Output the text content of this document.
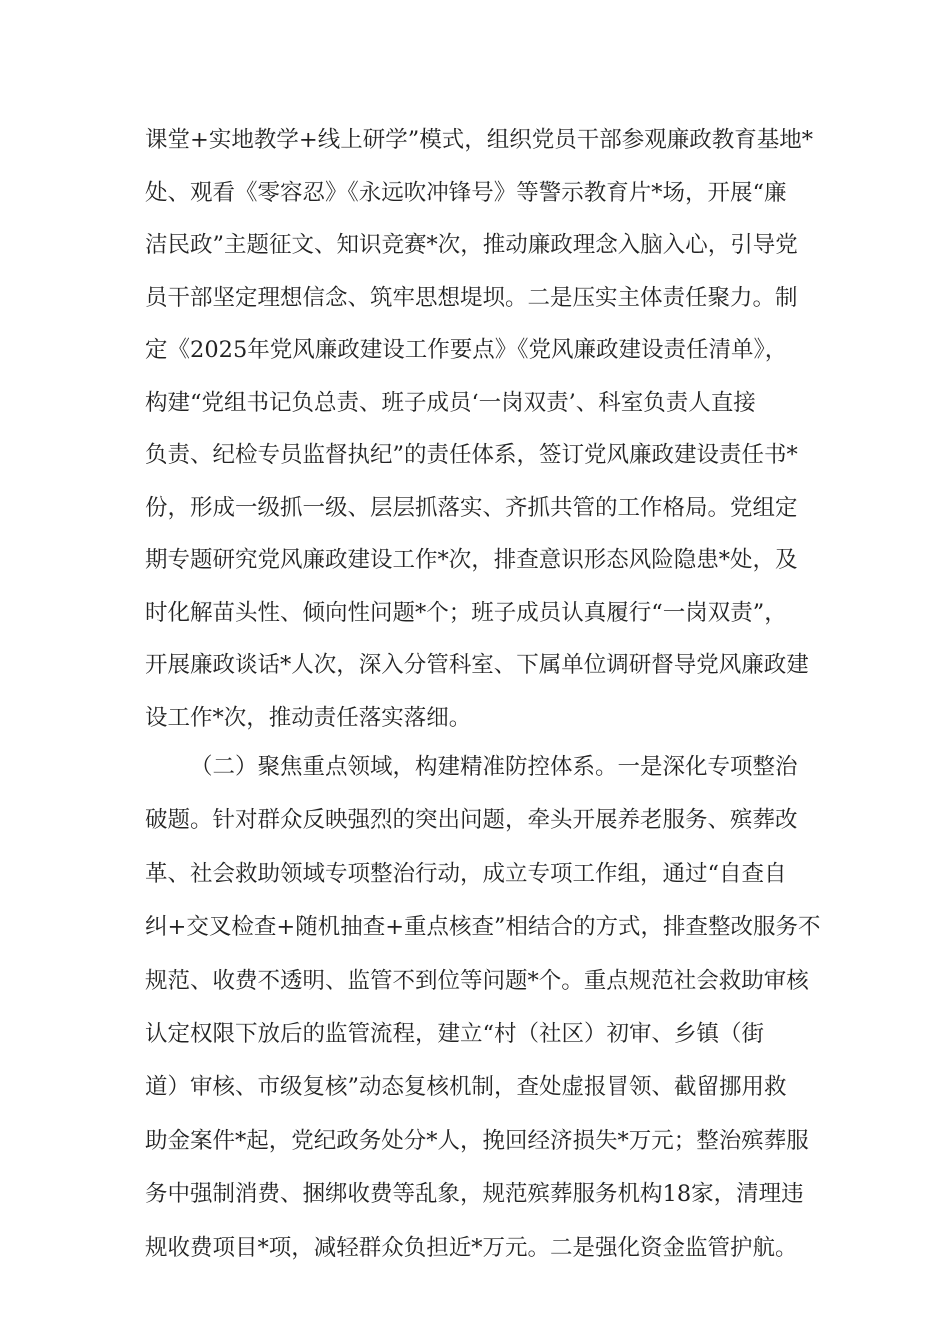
课堂+实地教学+线上研学”模式，组织党员干部参观廉政教育基地*
处、观看《零容忍》《永远吹冲锋号》等警示教育片*场，开展“廉
洁民政”主题征文、知识竞赛*次，推动廉政理念入脑入心，引导党
员干部坚定理想信念、筑牢思想堤坝。二是压实主体责任聚力。制
定《2025年党风廉政建设工作要点》《党风廉政建设责任清单》，
构建“党组书记负总责、班子成员‘一岗双责’、科室负责人直接
负责、纪检专员监督执纪”的责任体系，签订党风廉政建设责任书*
份，形成一级抓一级、层层抓落实、齐抓共管的工作格局。党组定
期专题研究党风廉政建设工作*次，排查意识形态风险隐患*处，及
时化解苗头性、倾向性问题*个；班子成员认真履行“一岗双责”，
开展廉政谈话*人次，深入分管科室、下属单位调研督导党风廉政建
设工作*次，推动责任落实落细。
（二）聚焦重点领域，构建精准防控体系。一是深化专项整治
破题。针对群众反映强烈的突出问题，牵头开展养老服务、殡葬改
革、社会救助领域专项整治行动，成立专项工作组，通过“自查自
纠+交叉检查+随机抽查+重点核查”相结合的方式，排查整改服务不
规范、收费不透明、监管不到位等问题*个。重点规范社会救助审核
认定权限下放后的监管流程，建立“村（社区）初审、乡镇（街
道）审核、市级复核”动态复核机制，查处虚报冒领、截留挪用救
助金案件*起，党纪政务处分*人，挽回经济损失*万元；整治殡葬服
务中强制消费、捆绑收费等乱象，规范殡葬服务机构18家，清理违
规收费项目*项，减轻群众负担近*万元。二是强化资金监管护航。
